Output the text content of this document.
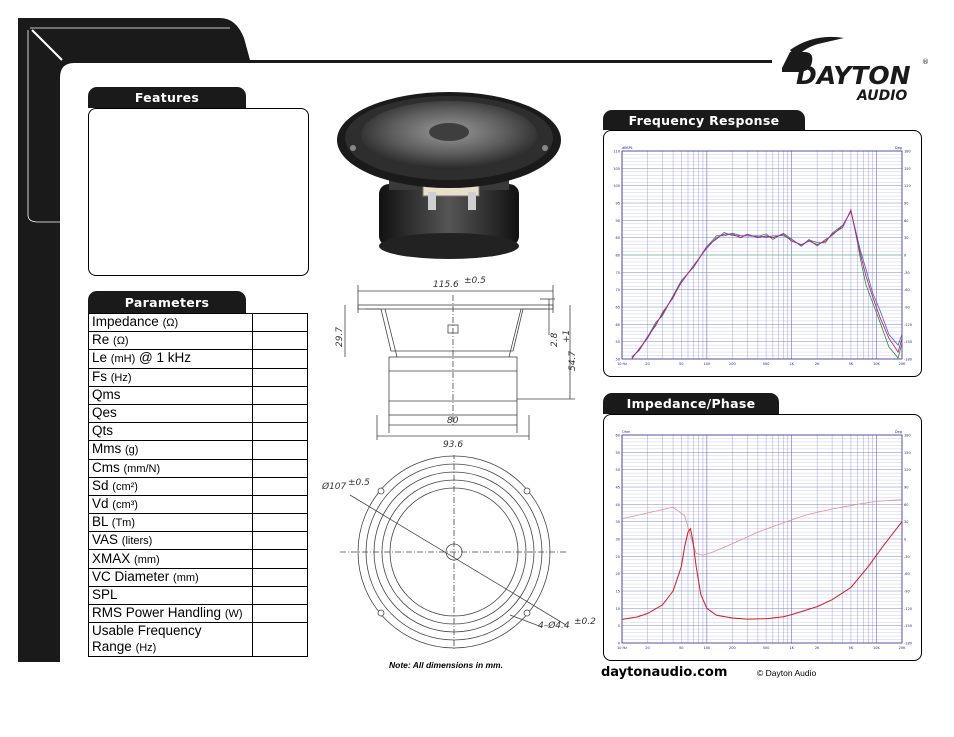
DAYTON ®
AUDIO
Features
Parameters
Impedance (Ω)	
Re (Ω)	
Le (mH) @ 1 kHz	
Fs (Hz)	
Qms	
Qes	
Qts	
Mms (g)	
Cms (mm/N)	
Sd (cm²)	
Vd (cm³)	
BL (Tm)	
VAS (liters)	
XMAX (mm)	
VC Diameter (mm)	
SPL	
RMS Power Handling (W)	
Usable Frequency
Range (Hz)	
115.6 ±0.5
29.7	2.8
54.7
+1
80
93.6
Ø107 ±0.5
4–Ø4.4 ±0.2
Note: All dimensions in mm.
Frequency Response
110	180
105	150
100	120
95	90
90	60
85	30
80	0
75	-30
70	-60
65	-90
60	-120
55	-150
50	-180
10 Hz	20	50	100	200	500	1K	2K	5K	10K	20K
dBSPL	Deg
Impedance/Phase
60	180
55	150
50	120
45	90
40	60
35	30
30	0
25	-30
20	-60
15	-90
10	-120
5	-150
0	-180
10 Hz	20	50	100	200	500	1K	2K	5K	10K	20K
Ohm	Deg
daytonaudio.com	© Dayton Audio
